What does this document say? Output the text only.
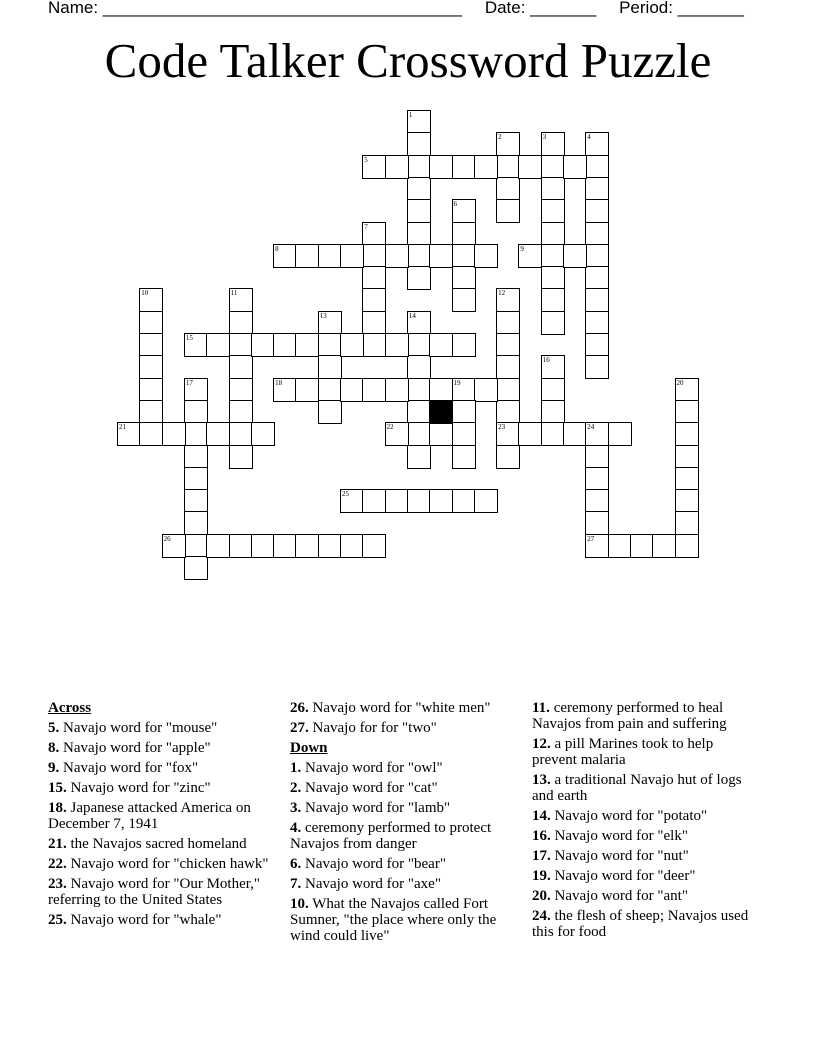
Name: ______________________________________ Date: _______ Period: _______
Code Talker Crossword Puzzle
1
2	3	4
5
6
7
8	9
10	11	12
13	14
15
16
17	18	19	20
21	22	23	24
25
26	27
Across
5. Navajo word for "mouse"
8. Navajo word for "apple"
9. Navajo word for "fox"
15. Navajo word for "zinc"
18. Japanese attacked America on December 7, 1941
21. the Navajos sacred homeland
22. Navajo word for "chicken hawk"
23. Navajo word for "Our Mother," referring to the United States
25. Navajo word for "whale"
26. Navajo word for "white men"
27. Navajo for for "two"
Down
1. Navajo word for "owl"
2. Navajo word for "cat"
3. Navajo word for "lamb"
4. ceremony performed to protect Navajos from danger
6. Navajo word for "bear"
7. Navajo word for "axe"
10. What the Navajos called Fort Sumner, "the place where only the wind could live"
11. ceremony performed to heal Navajos from pain and suffering
12. a pill Marines took to help prevent malaria
13. a traditional Navajo hut of logs and earth
14. Navajo word for "potato"
16. Navajo word for "elk"
17. Navajo word for "nut"
19. Navajo word for "deer"
20. Navajo word for "ant"
24. the flesh of sheep; Navajos used this for food
